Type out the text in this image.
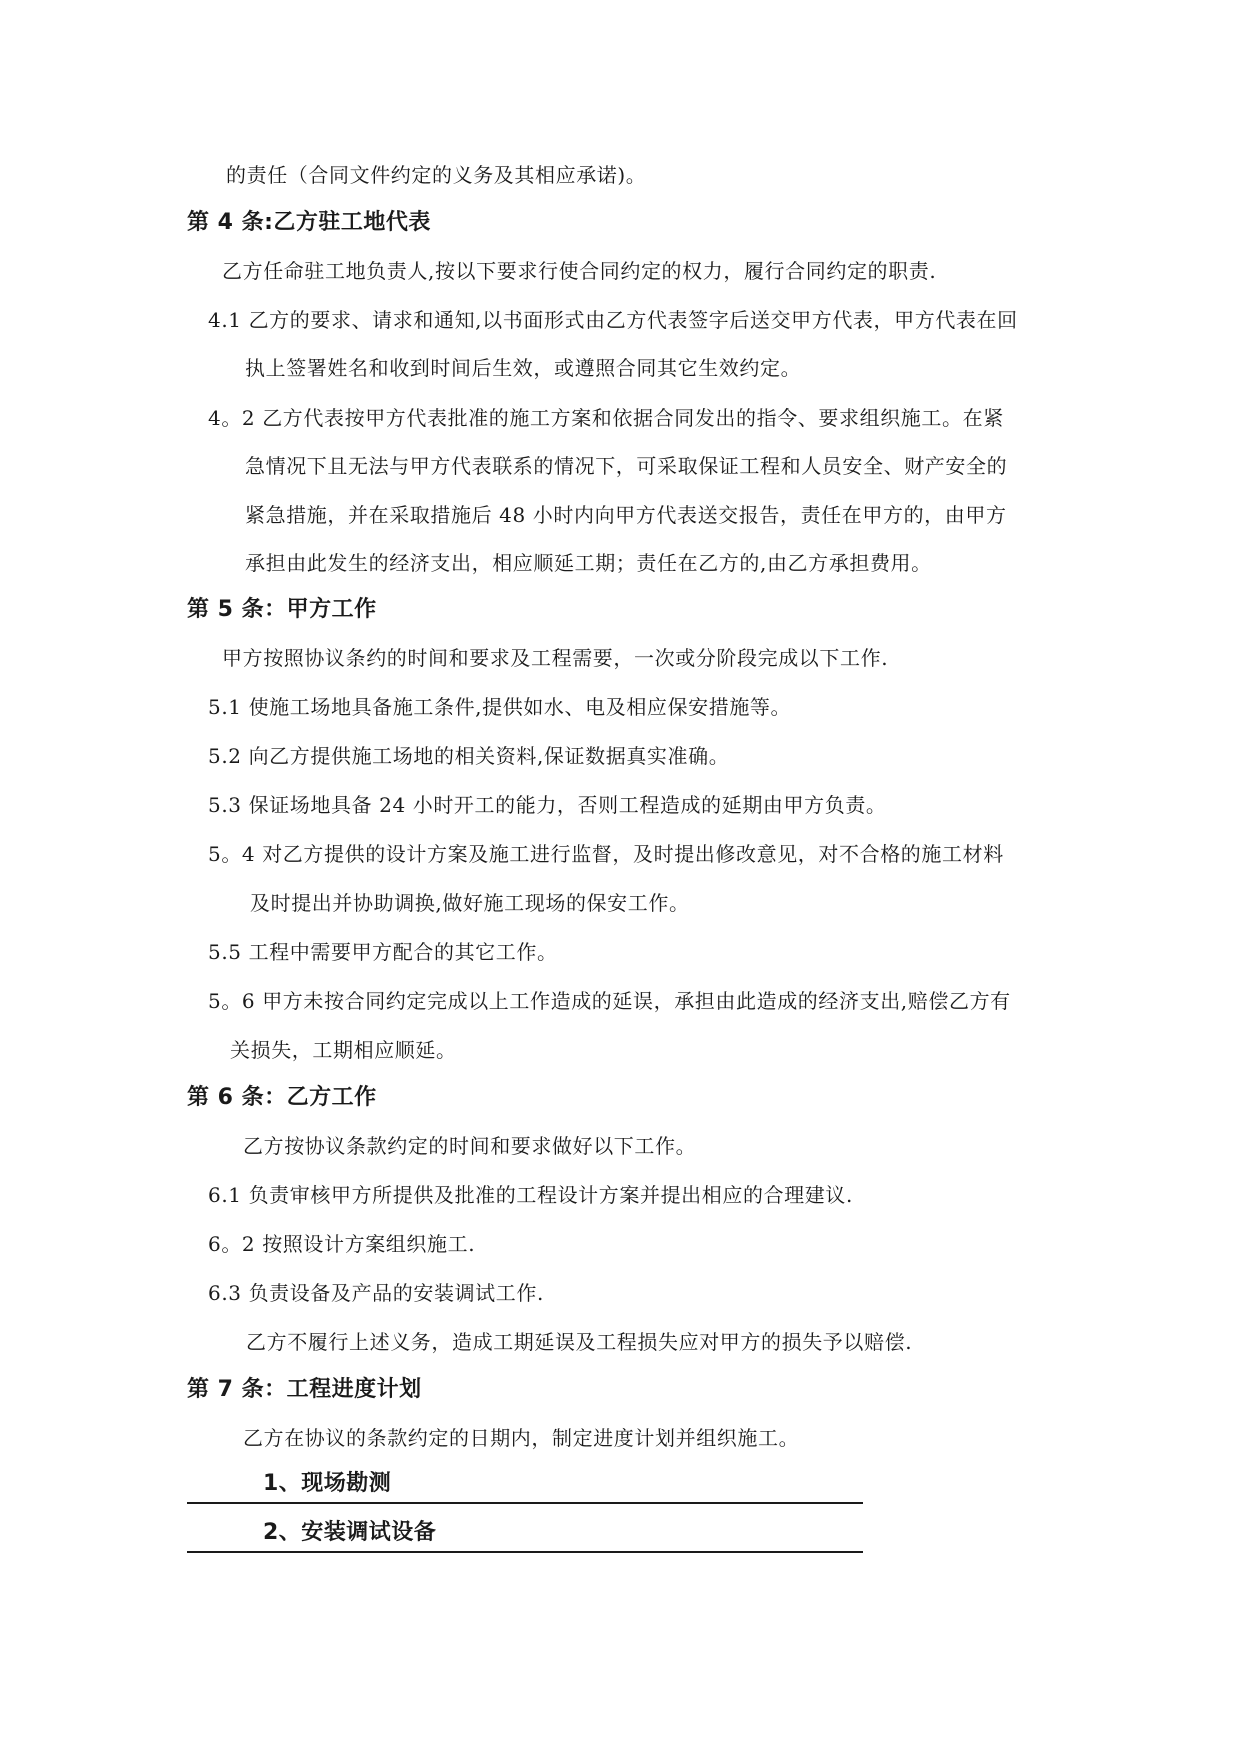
的责任（合同文件约定的义务及其相应承诺)。
第 4 条:乙方驻工地代表
乙方任命驻工地负责人,按以下要求行使合同约定的权力，履行合同约定的职责.
4.1 乙方的要求、请求和通知,以书面形式由乙方代表签字后送交甲方代表，甲方代表在回
执上签署姓名和收到时间后生效，或遵照合同其它生效约定。
4。2 乙方代表按甲方代表批准的施工方案和依据合同发出的指令、要求组织施工。在紧
急情况下且无法与甲方代表联系的情况下，可采取保证工程和人员安全、财产安全的
紧急措施，并在采取措施后 48 小时内向甲方代表送交报告，责任在甲方的，由甲方
承担由此发生的经济支出，相应顺延工期；责任在乙方的,由乙方承担费用。
第 5 条：甲方工作
甲方按照协议条约的时间和要求及工程需要，一次或分阶段完成以下工作.
5.1 使施工场地具备施工条件,提供如水、电及相应保安措施等。
5.2 向乙方提供施工场地的相关资料,保证数据真实准确。
5.3 保证场地具备 24 小时开工的能力，否则工程造成的延期由甲方负责。
5。4 对乙方提供的设计方案及施工进行监督，及时提出修改意见，对不合格的施工材料
及时提出并协助调换,做好施工现场的保安工作。
5.5 工程中需要甲方配合的其它工作。
5。6 甲方未按合同约定完成以上工作造成的延误，承担由此造成的经济支出,赔偿乙方有
关损失，工期相应顺延。
第 6 条：乙方工作
乙方按协议条款约定的时间和要求做好以下工作。
6.1 负责审核甲方所提供及批准的工程设计方案并提出相应的合理建议.
6。2 按照设计方案组织施工.
6.3 负责设备及产品的安装调试工作.
乙方不履行上述义务，造成工期延误及工程损失应对甲方的损失予以赔偿.
第 7 条：工程进度计划
乙方在协议的条款约定的日期内，制定进度计划并组织施工。
1、现场勘测
2、安装调试设备
